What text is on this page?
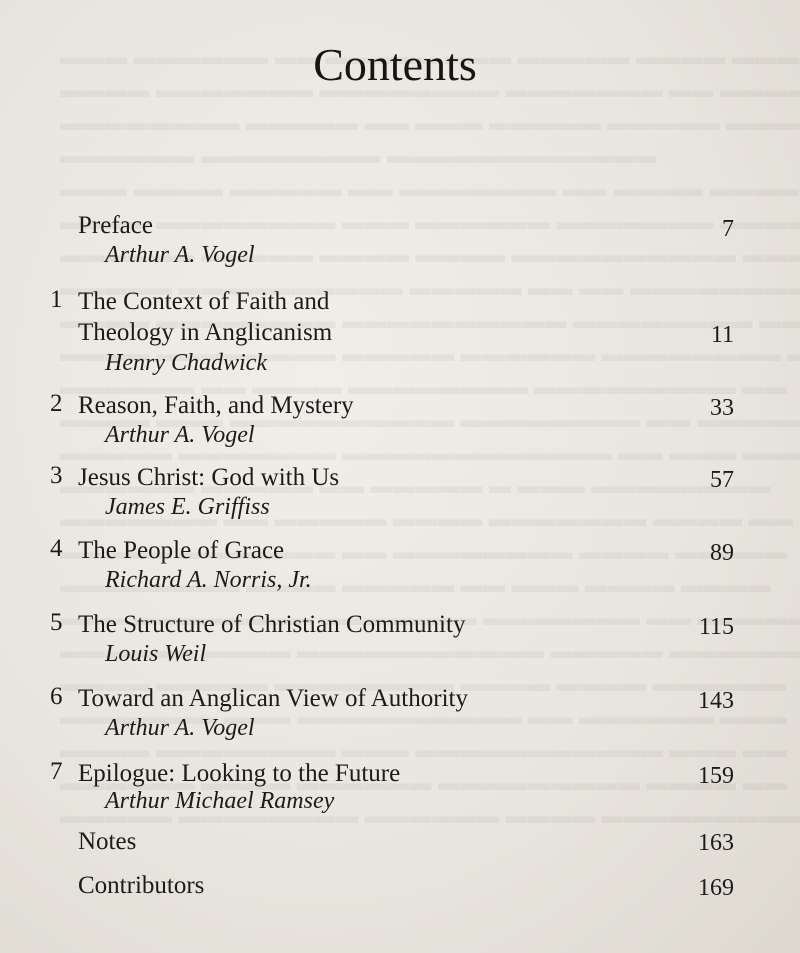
Contents
Preface	7
Arthur A. Vogel
1 The Context of Faith and
Theology in Anglicanism	11
Henry Chadwick
2 Reason, Faith, and Mystery	33
Arthur A. Vogel
3 Jesus Christ: God with Us	57
James E. Griffiss
4 The People of Grace	89
Richard A. Norris, Jr.
5 The Structure of Christian Community	115
Louis Weil
6 Toward an Anglican View of Authority	143
Arthur A. Vogel
7 Epilogue: Looking to the Future	159
Arthur Michael Ramsey
Notes	163
Contributors	169
